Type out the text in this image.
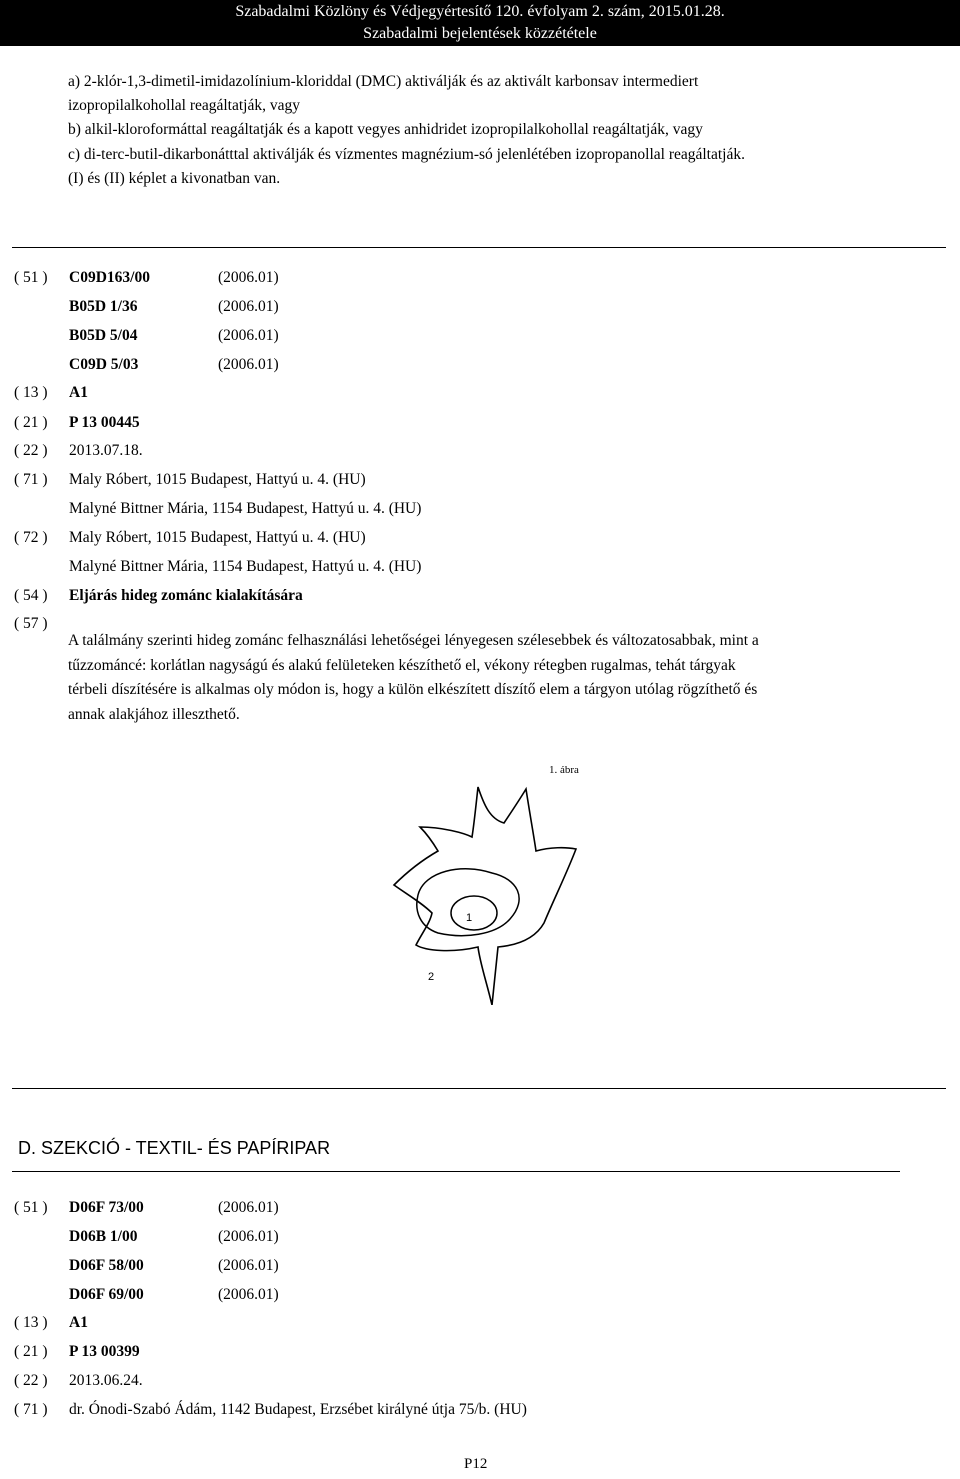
Szabadalmi Közlöny és Védjegyértesítő 120. évfolyam 2. szám, 2015.01.28.
Szabadalmi bejelentések közzététele
a) 2-klór-1,3-dimetil-imidazolínium-kloriddal (DMC) aktiválják és az aktivált karbonsav intermediert
izopropilalkohollal reagáltatják, vagy
b) alkil-kloroformáttal reagáltatják és a kapott vegyes anhidridet izopropilalkohollal reagáltatják, vagy
c) di-terc-butil-dikarbonátttal aktiválják és vízmentes magnézium-só jelenlétében izopropanollal reagáltatják.
(I) és (II) képlet a kivonatban van.
( 51 ) C09D163/00	(2006.01)
B05D 1/36	(2006.01)
B05D 5/04	(2006.01)
C09D 5/03	(2006.01)
( 13 ) A1
( 21 ) P 13 00445
( 22 ) 2013.07.18.
( 71 ) Maly Róbert, 1015 Budapest, Hattyú u. 4. (HU)
Malyné Bittner Mária, 1154 Budapest, Hattyú u. 4. (HU)
( 72 ) Maly Róbert, 1015 Budapest, Hattyú u. 4. (HU)
Malyné Bittner Mária, 1154 Budapest, Hattyú u. 4. (HU)
( 54 ) Eljárás hideg zománc kialakítására
( 57 )
A találmány szerinti hideg zománc felhasználási lehetőségei lényegesen szélesebbek és változatosabbak, mint a
tűzzománcé: korlátlan nagyságú és alakú felületeken készíthető el, vékony rétegben rugalmas, tehát tárgyak
térbeli díszítésére is alkalmas oly módon is, hogy a külön elkészített díszítő elem a tárgyon utólag rögzíthető és
annak alakjához illeszthető.
1. ábra
1
2
D. SZEKCIÓ - TEXTIL- ÉS PAPÍRIPAR
( 51 ) D06F 73/00	(2006.01)
D06B 1/00	(2006.01)
D06F 58/00	(2006.01)
D06F 69/00	(2006.01)
( 13 ) A1
( 21 ) P 13 00399
( 22 ) 2013.06.24.
( 71 ) dr. Ónodi-Szabó Ádám, 1142 Budapest, Erzsébet királyné útja 75/b. (HU)
P12
